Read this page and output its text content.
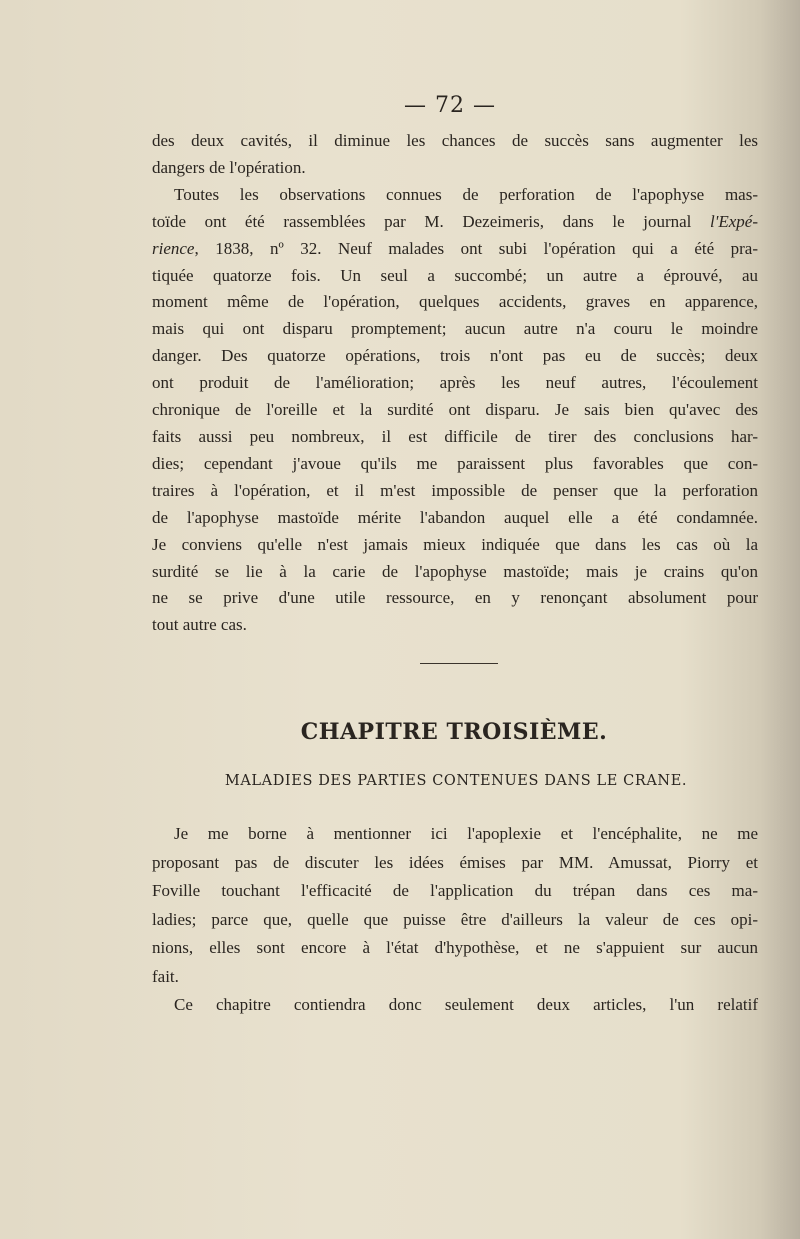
— 72 —
des deux cavités, il diminue les chances de succès sans augmenter les
dangers de l'opération.
Toutes les observations connues de perforation de l'apophyse mas-
toïde ont été rassemblées par M. Dezeimeris, dans le journal l'Expé-
rience, 1838, nº 32. Neuf malades ont subi l'opération qui a été pra-
tiquée quatorze fois. Un seul a succombé; un autre a éprouvé, au
moment même de l'opération, quelques accidents, graves en apparence,
mais qui ont disparu promptement; aucun autre n'a couru le moindre
danger. Des quatorze opérations, trois n'ont pas eu de succès; deux
ont produit de l'amélioration; après les neuf autres, l'écoulement
chronique de l'oreille et la surdité ont disparu. Je sais bien qu'avec des
faits aussi peu nombreux, il est difficile de tirer des conclusions har-
dies; cependant j'avoue qu'ils me paraissent plus favorables que con-
traires à l'opération, et il m'est impossible de penser que la perforation
de l'apophyse mastoïde mérite l'abandon auquel elle a été condamnée.
Je conviens qu'elle n'est jamais mieux indiquée que dans les cas où la
surdité se lie à la carie de l'apophyse mastoïde; mais je crains qu'on
ne se prive d'une utile ressource, en y renonçant absolument pour
tout autre cas.
CHAPITRE TROISIÈME.
MALADIES DES PARTIES CONTENUES DANS LE CRANE.
Je me borne à mentionner ici l'apoplexie et l'encéphalite, ne me
proposant pas de discuter les idées émises par MM. Amussat, Piorry et
Foville touchant l'efficacité de l'application du trépan dans ces ma-
ladies; parce que, quelle que puisse être d'ailleurs la valeur de ces opi-
nions, elles sont encore à l'état d'hypothèse, et ne s'appuient sur aucun
fait.
Ce chapitre contiendra donc seulement deux articles, l'un relatif
